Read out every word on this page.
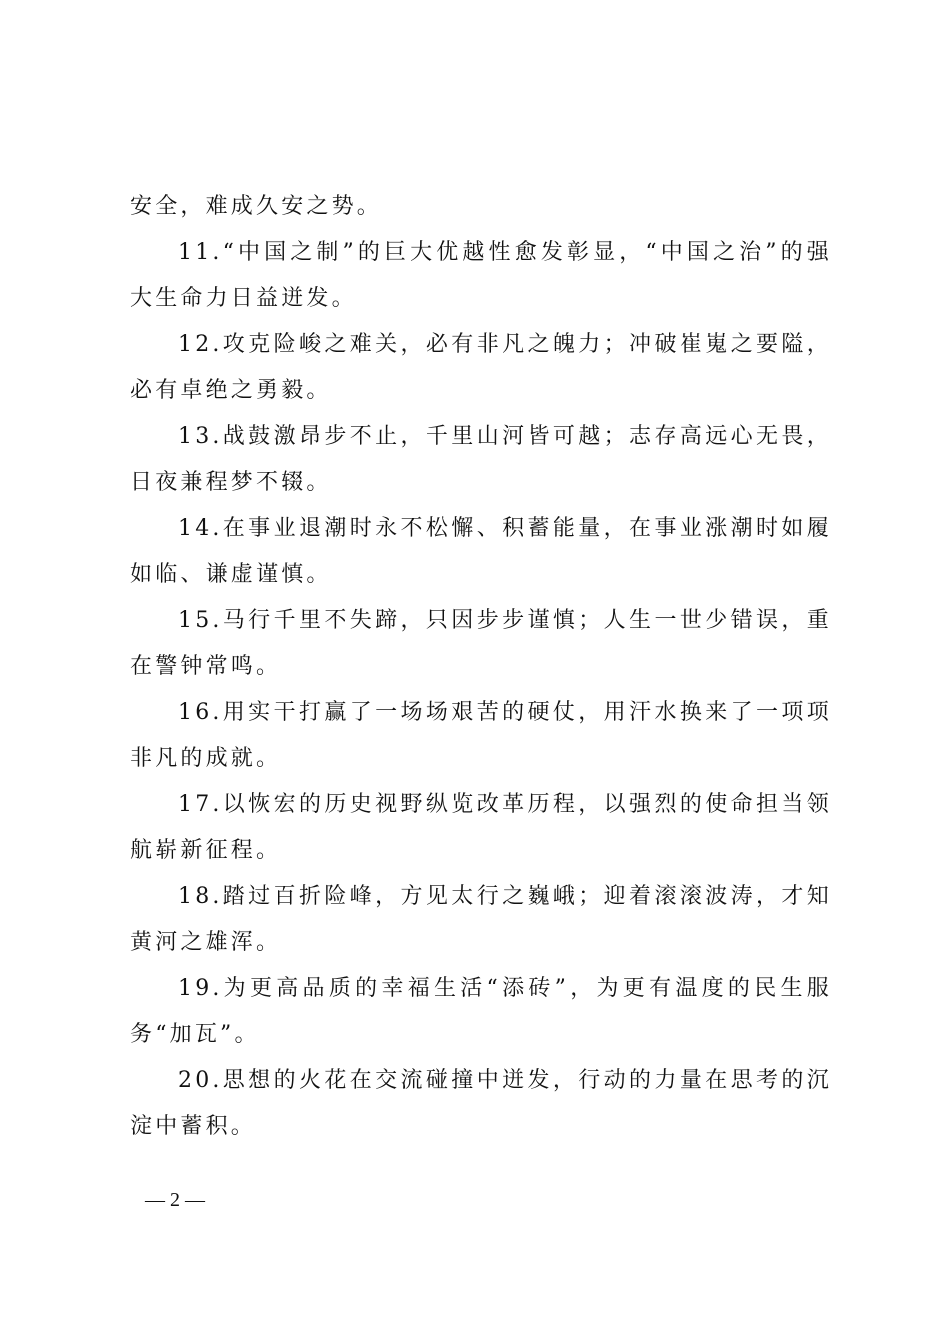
安全，难成久安之势。

11.“中国之制”的巨大优越性愈发彰显，“中国之治”的强大生命力日益迸发。

12.攻克险峻之难关，必有非凡之魄力；冲破崔嵬之要隘，必有卓绝之勇毅。

13.战鼓激昂步不止，千里山河皆可越；志存高远心无畏，日夜兼程梦不辍。

14.在事业退潮时永不松懈、积蓄能量，在事业涨潮时如履如临、谦虚谨慎。

15.马行千里不失蹄，只因步步谨慎；人生一世少错误，重在警钟常鸣。

16.用实干打赢了一场场艰苦的硬仗，用汗水换来了一项项非凡的成就。

17.以恢宏的历史视野纵览改革历程，以强烈的使命担当领航崭新征程。

18.踏过百折险峰，方见太行之巍峨；迎着滚滚波涛，才知黄河之雄浑。

19.为更高品质的幸福生活“添砖”，为更有温度的民生服务“加瓦”。

20.思想的火花在交流碰撞中迸发，行动的力量在思考的沉淀中蓄积。

— 2 —
